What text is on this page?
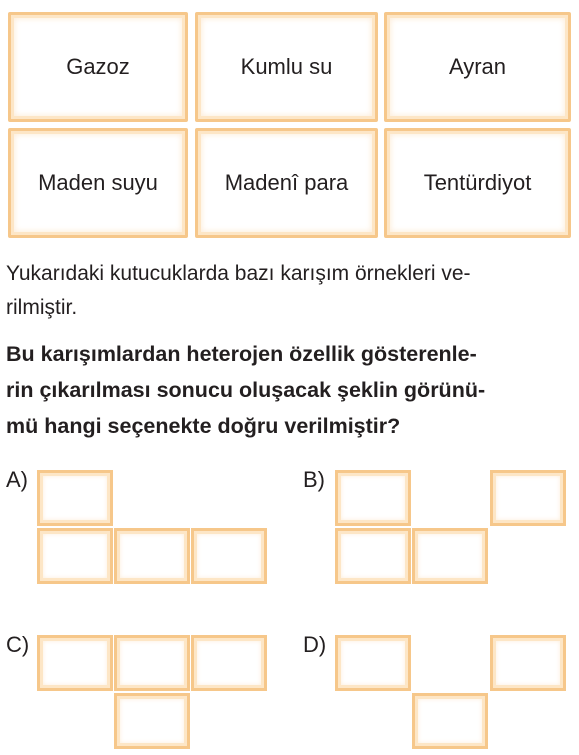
Gazoz	Kumlu su	Ayran
Maden suyu	Madenî para	Tentürdiyot
Yukarıdaki kutucuklarda bazı karışım örnekleri ve-
rilmiştir.
Bu karışımlardan heterojen özellik gösterenle-
rin çıkarılması sonucu oluşacak şeklin görünü-
mü hangi seçenekte doğru verilmiştir?
A)	B)
C)	D)
